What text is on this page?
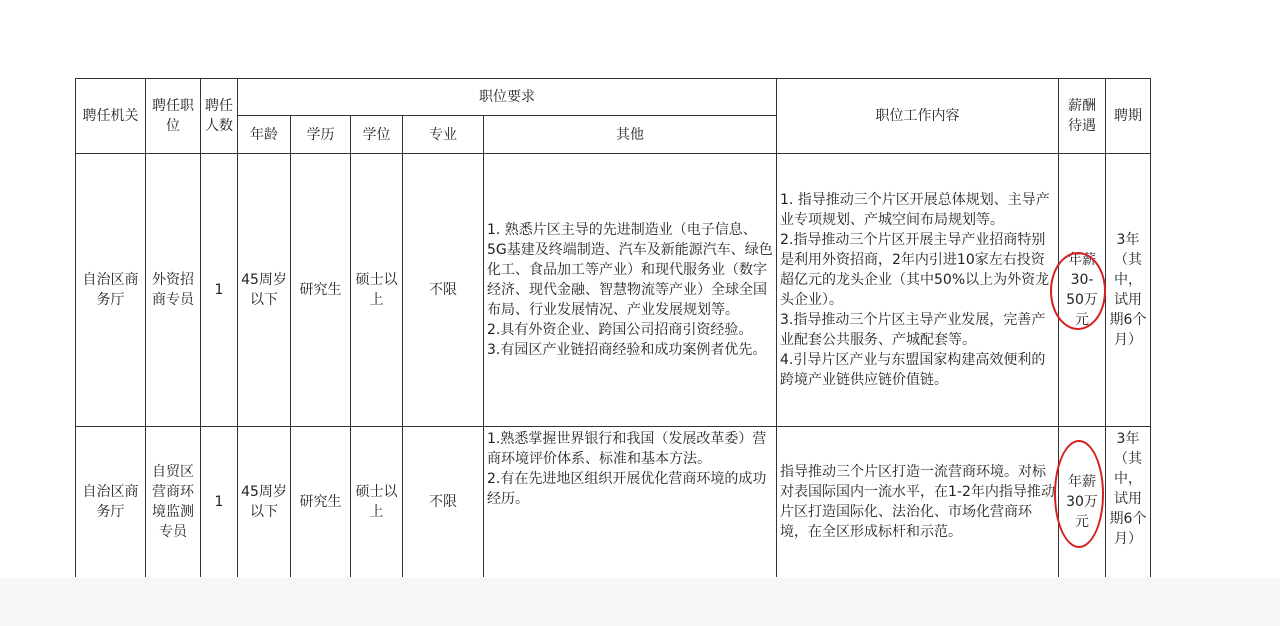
聘任机关	聘任职位	聘任人数	职位要求					职位工作内容	薪酬待遇	聘期
			年龄	学历	学位	专业	其他			
自治区商务厅	外资招商专员	1	45周岁以下	研究生	硕士以上	不限	1. 熟悉片区主导的先进制造业（电子信息、5G基建及终端制造、汽车及新能源汽车、绿色化工、食品加工等产业）和现代服务业（数字经济、现代金融、智慧物流等产业）全球全国布局、行业发展情况、产业发展规划等。
2.具有外资企业、跨国公司招商引资经验。
3.有园区产业链招商经验和成功案例者优先。	1. 指导推动三个片区开展总体规划、主导产业专项规划、产城空间布局规划等。
2.指导推动三个片区开展主导产业招商特别是利用外资招商，2年内引进10家左右投资超亿元的龙头企业（其中50%以上为外资龙头企业）。
3.指导推动三个片区主导产业发展，完善产业配套公共服务、产城配套等。
4.引导片区产业与东盟国家构建高效便利的跨境产业链供应链价值链。	年薪30-50万元	3年（其中，试用期6个月）
自治区商务厅	自贸区营商环境监测专员	1	45周岁以下	研究生	硕士以上	不限	1.熟悉掌握世界银行和我国（发展改革委）营商环境评价体系、标准和基本方法。
2.有在先进地区组织开展优化营商环境的成功经历。	指导推动三个片区打造一流营商环境。对标对表国际国内一流水平，在1-2年内指导推动片区打造国际化、法治化、市场化营商环境，在全区形成标杆和示范。	年薪30万元	3年（其中，试用期6个月）
